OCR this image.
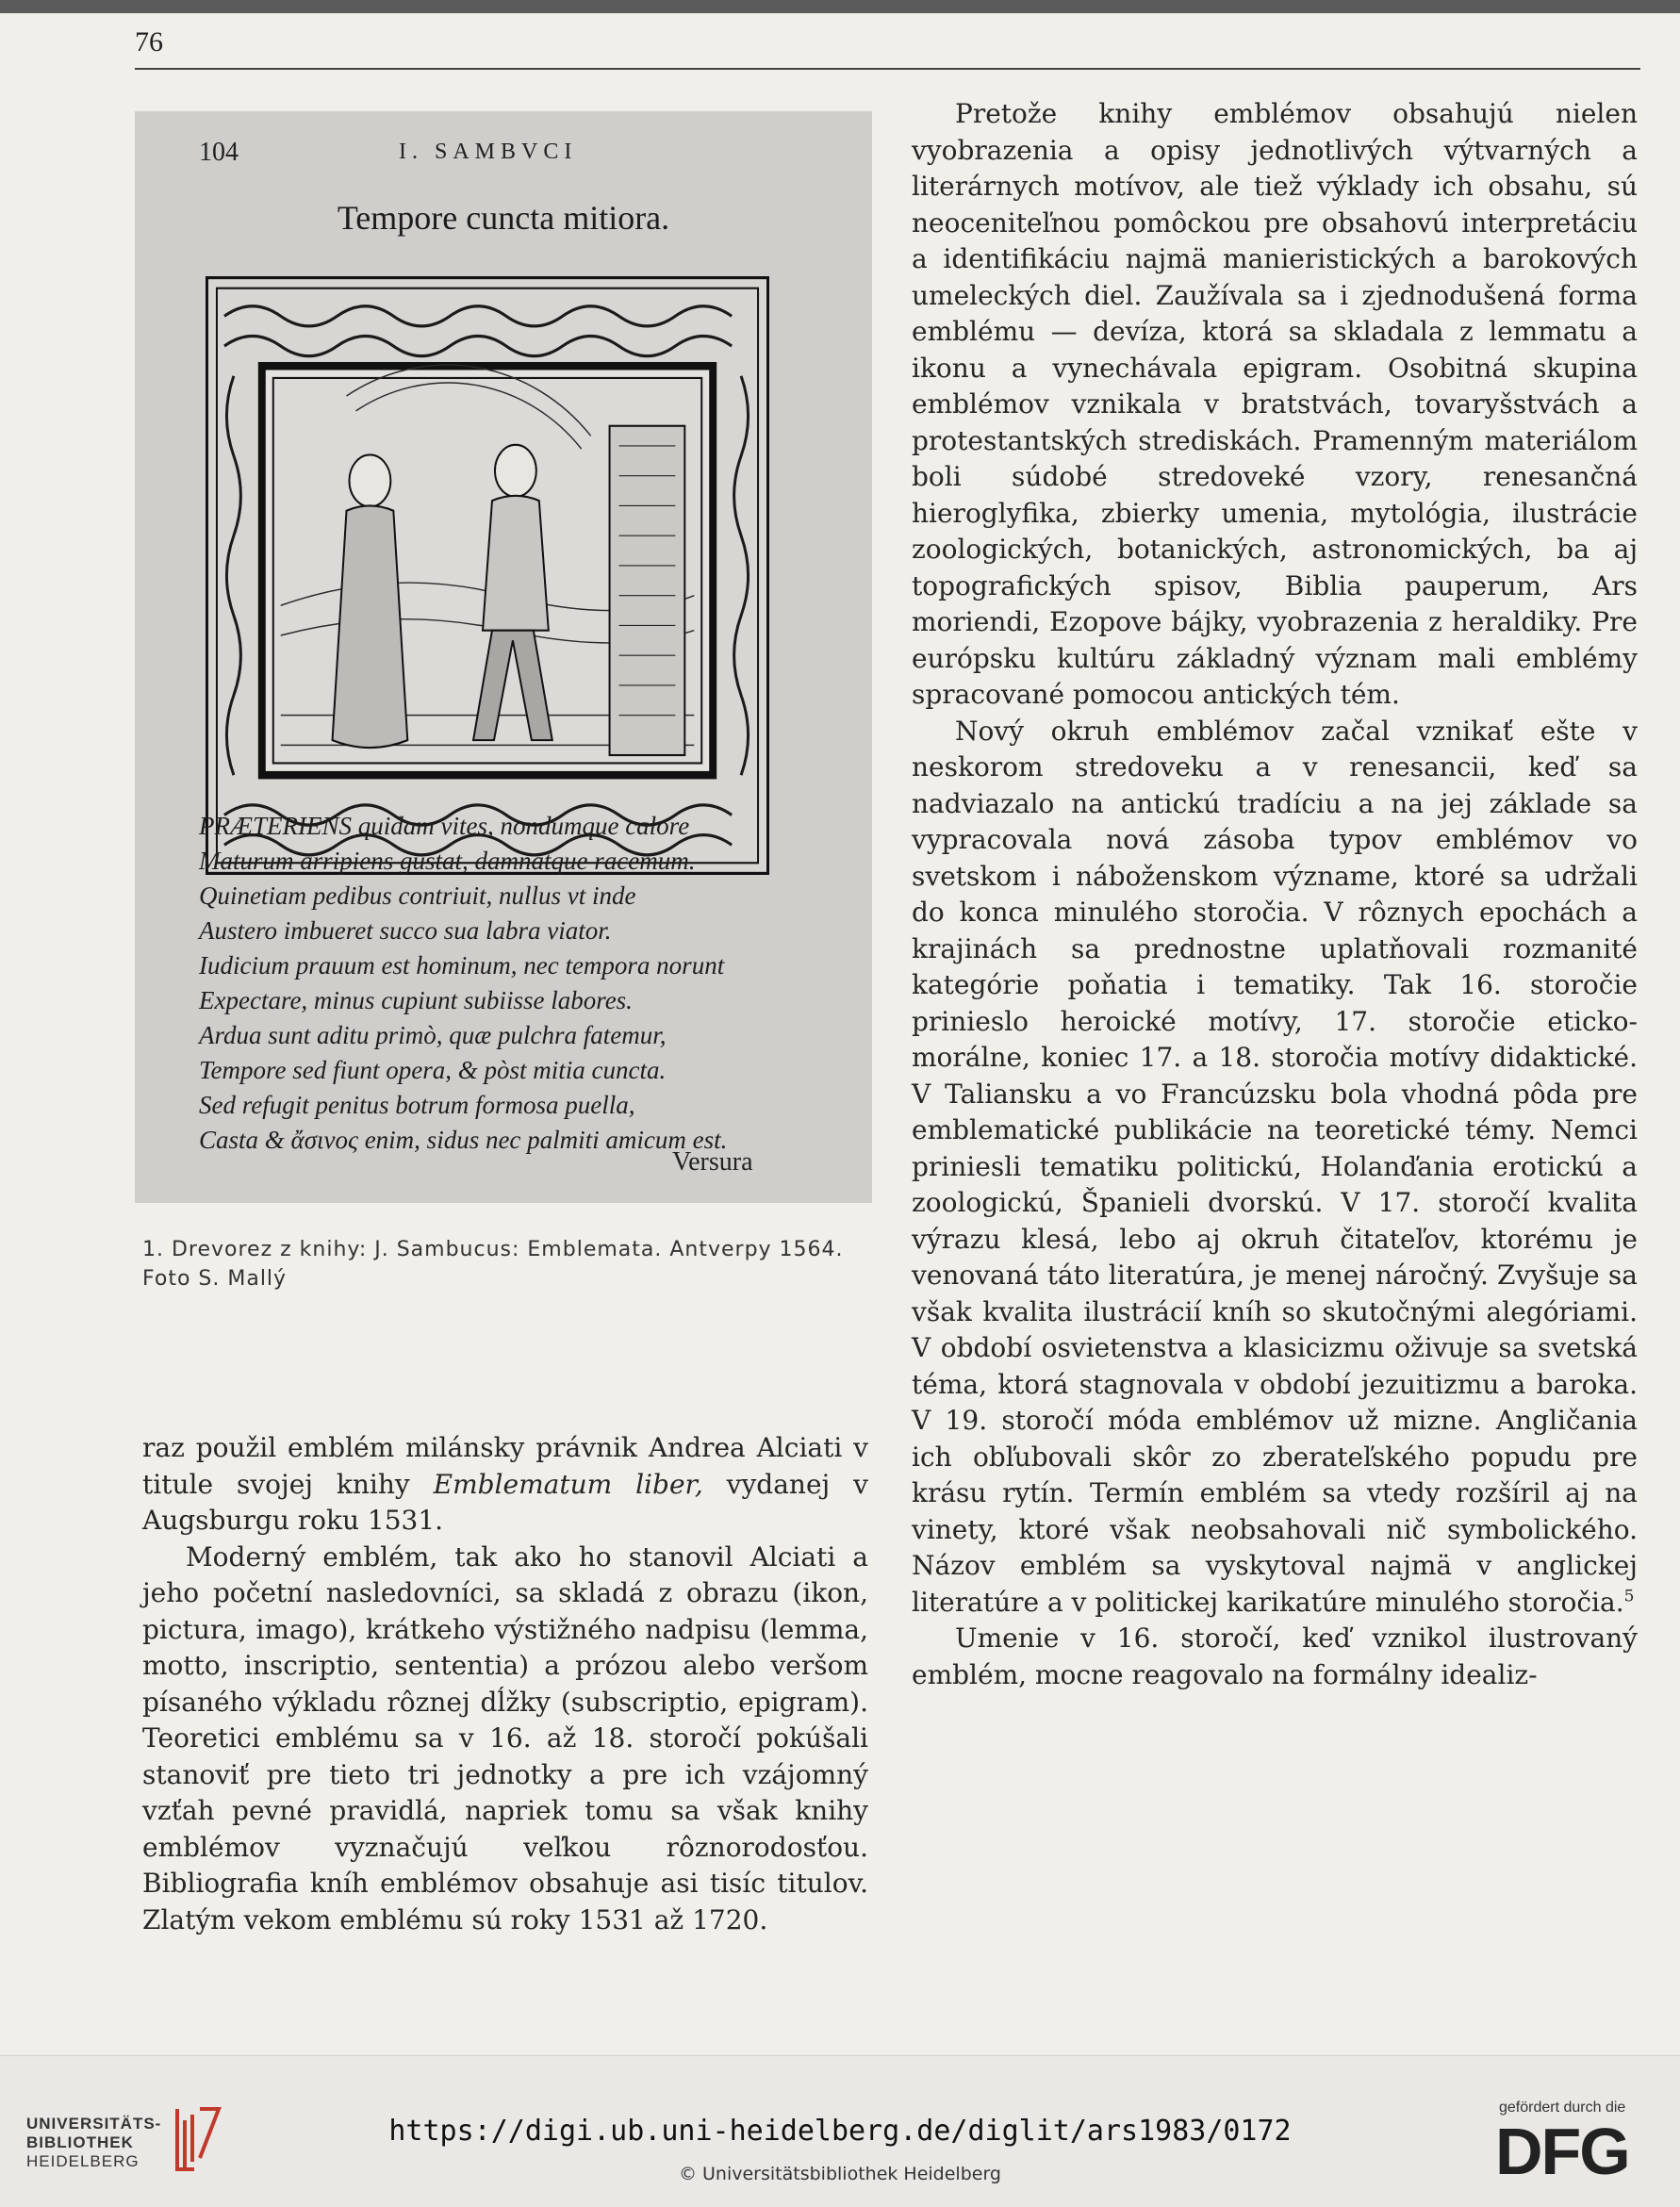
76
104	I. SAMBVCI
Tempore cuncta mitiora.
PRÆTERIENS quidam vites, nondumque calore
Maturum arripiens gustat, damnatque racemum.
Quinetiam pedibus contriuit, nullus vt inde
Austero imbueret succo sua labra viator.
Iudicium prauum est hominum, nec tempora norunt
Expectare, minus cupiunt subiisse labores.
Ardua sunt aditu primò, quæ pulchra fatemur,
Tempore sed fiunt opera, & pòst mitia cuncta.
Sed refugit penitus botrum formosa puella,
Casta & ἄσινος enim, sidus nec palmiti amicum est.
Versura
1. Drevorez z knihy: J. Sambucus: Emblemata. Antverpy 1564. Foto S. Mallý

raz použil emblém milánsky právnik Andrea Alciati v titule svojej knihy Emblematum liber, vydanej v Augsburgu roku 1531.

Moderný emblém, tak ako ho stanovil Alciati a jeho početní nasledovníci, sa skladá z obrazu (ikon, pictura, imago), krátkeho výstižného nadpisu (lemma, motto, inscriptio, sententia) a prózou alebo veršom písaného výkladu rôznej dĺžky (subscriptio, epigram). Teoretici emblému sa v 16. až 18. storočí pokúšali stanoviť pre tieto tri jednotky a pre ich vzájomný vzťah pevné pravidlá, napriek tomu sa však knihy emblémov vyznačujú veľkou rôznorodosťou. Bibliografia kníh emblémov obsahuje asi tisíc titulov. Zlatým vekom emblému sú roky 1531 až 1720.

Pretože knihy emblémov obsahujú nielen vyobrazenia a opisy jednotlivých výtvarných a literárnych motívov, ale tiež výklady ich obsahu, sú neoceniteľnou pomôckou pre obsahovú interpretáciu a identifikáciu najmä manieristických a barokových umeleckých diel. Zaužívala sa i zjednodušená forma emblému — devíza, ktorá sa skladala z lemmatu a ikonu a vynechávala epigram. Osobitná skupina emblémov vznikala v bratstvách, tovaryšstvách a protestantských strediskách. Pramenným materiálom boli súdobé stredoveké vzory, renesančná hieroglyfika, zbierky umenia, mytológia, ilustrácie zoologických, botanických, astronomických, ba aj topografických spisov, Biblia pauperum, Ars moriendi, Ezopove bájky, vyobrazenia z heraldiky. Pre európsku kultúru základný význam mali emblémy spracované pomocou antických tém.

Nový okruh emblémov začal vznikať ešte v neskorom stredoveku a v renesancii, keď sa nadviazalo na antickú tradíciu a na jej základe sa vypracovala nová zásoba typov emblémov vo svetskom i náboženskom význame, ktoré sa udržali do konca minulého storočia. V rôznych epochách a krajinách sa prednostne uplatňovali rozmanité kategórie poňatia i tematiky. Tak 16. storočie prinieslo heroické motívy, 17. storočie eticko-morálne, koniec 17. a 18. storočia motívy didaktické. V Taliansku a vo Francúzsku bola vhodná pôda pre emblematické publikácie na teoretické témy. Nemci priniesli tematiku politickú, Holanďania erotickú a zoologickú, Španieli dvorskú. V 17. storočí kvalita výrazu klesá, lebo aj okruh čitateľov, ktorému je venovaná táto literatúra, je menej náročný. Zvyšuje sa však kvalita ilustrácií kníh so skutočnými alegóriami. V období osvietenstva a klasicizmu oživuje sa svetská téma, ktorá stagnovala v období jezuitizmu a baroka. V 19. storočí móda emblémov už mizne. Angličania ich obľubovali skôr zo zberateľského popudu pre krásu rytín. Termín emblém sa vtedy rozšíril aj na vinety, ktoré však neobsahovali nič symbolického. Názov emblém sa vyskytoval najmä v anglickej literatúre a v politickej karikatúre minulého storočia.$^5$

Umenie v 16. storočí, keď vznikol ilustrovaný emblém, mocne reagovalo na formálny idealiz-

UNIVERSITÄTS-
BIBLIOTHEK
HEIDELBERG
https://digi.ub.uni-heidelberg.de/diglit/ars1983/0172
© Universitätsbibliothek Heidelberg
gefördert durch die
DFG
